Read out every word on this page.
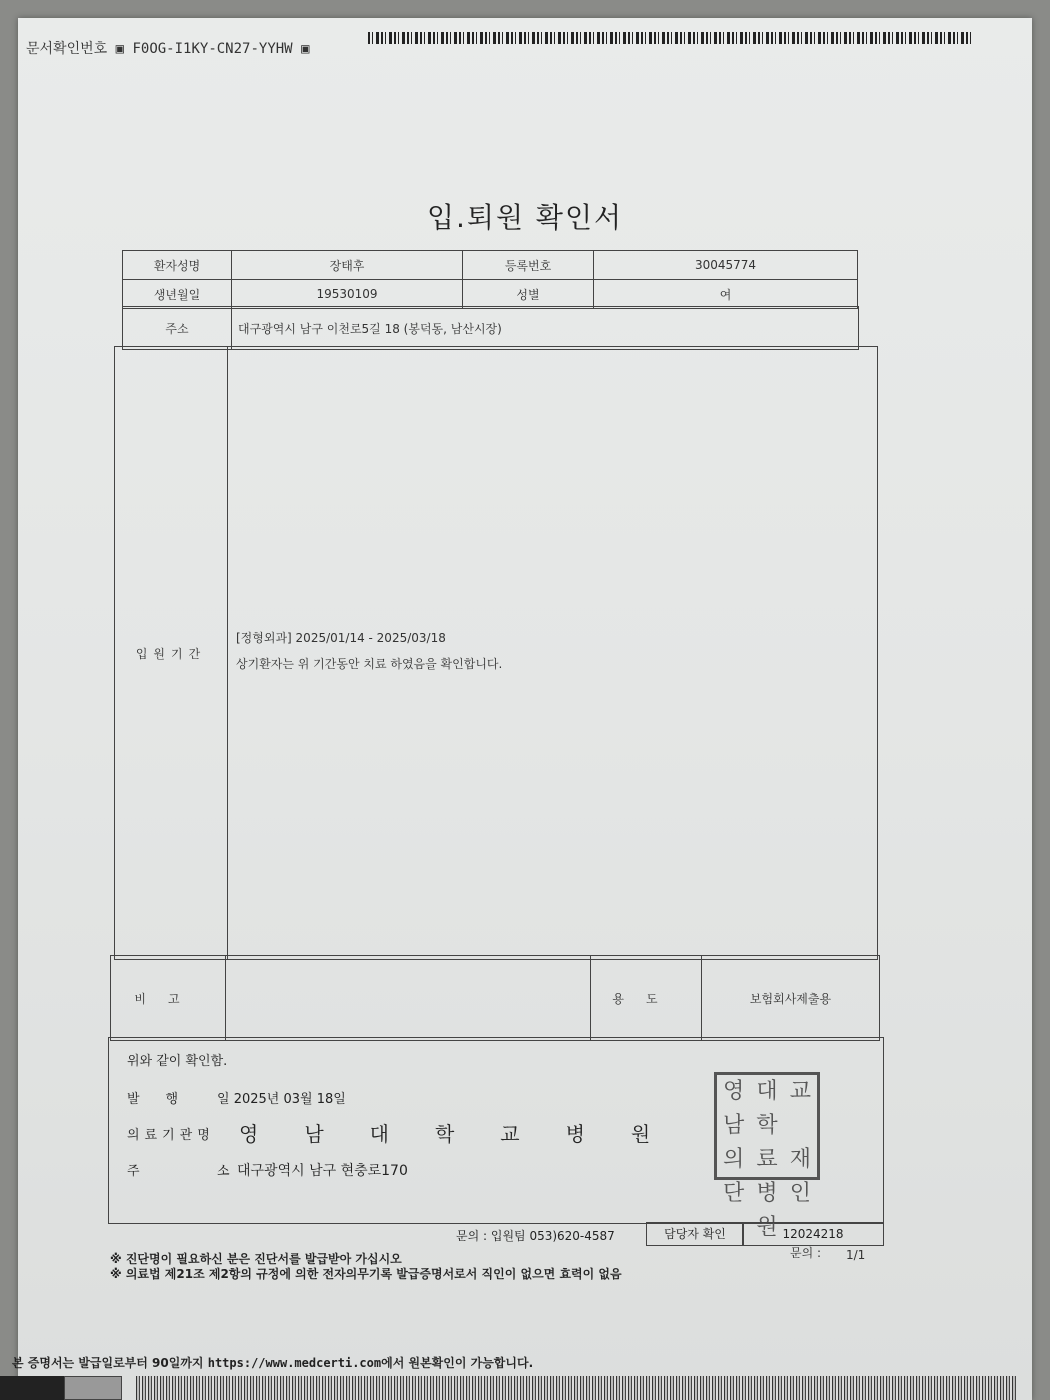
문서확인번호 ▣ F0OG-I1KY-CN27-YYHW ▣
입.퇴원 확인서
환자성명	장태후	등록번호	30045774
생년월일	19530109	성별	여
주소	대구광역시 남구 이천로5길 18 (봉덕동, 남산시장)
입원기간	
[정형외과] 2025/01/14 - 2025/03/18
상기환자는 위 기간동안 치료 하였음을 확인합니다.
비고		용도	보험회사제출용
위와 같이 확인함.
발행 일 2025년 03월 18일
의료기관명 영남대학교병원
주	소 대구광역시 남구 현충로170
영남
대학
교
의 료 재
단 병원
인
문의 : 입원팀 053)620-4587	담당자 확인	12024218
문의 : 1/1
※ 진단명이 필요하신 분은 진단서를 발급받아 가십시오
※ 의료법 제21조 제2항의 규정에 의한 전자의무기록 발급증명서로서 직인이 없으면 효력이 없음
본 증명서는 발급일로부터 90일까지 https://www.medcerti.com에서 원본확인이 가능합니다.
